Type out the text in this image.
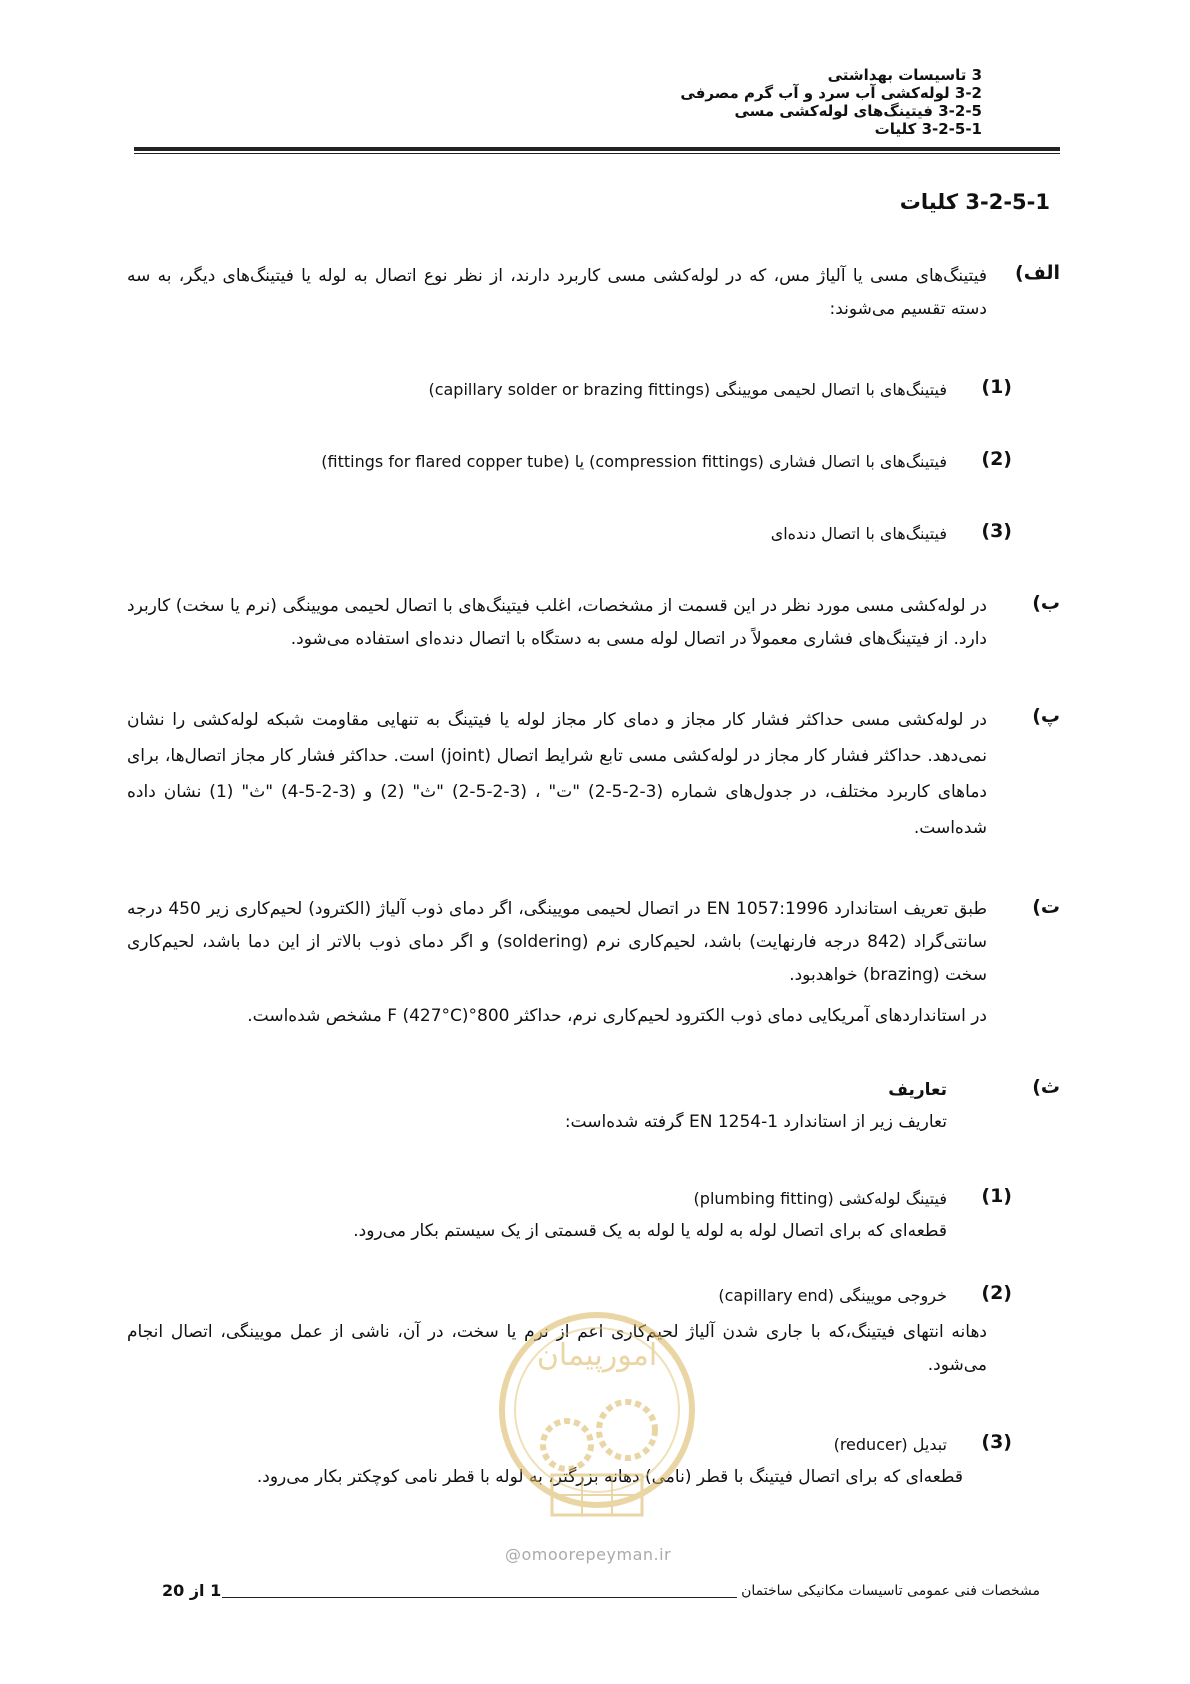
3 تاسیسات بهداشتی
3-2 لوله‌کشی آب سرد و آب گرم مصرفی
3-2-5 فیتینگ‌های لوله‌کشی مسی
3-2-5-1 کلیات
3-2-5-1 کلیات
الف)
فیتینگ‌های مسی یا آلیاژ مس، که در لوله‌کشی مسی کاربرد دارند، از نظر نوع اتصال به لوله یا فیتینگ‌های دیگر، به سه دسته تقسیم می‌شوند:
(1)
فیتینگ‌های با اتصال لحیمی مویینگی (capillary solder or brazing fittings)
(2)
فیتینگ‌های با اتصال فشاری (compression fittings) یا (fittings for flared copper tube)
(3)
فیتینگ‌های با اتصال دنده‌ای
ب)
در لوله‌کشی مسی مورد نظر در این قسمت از مشخصات، اغلب فیتینگ‌های با اتصال لحیمی مویینگی (نرم یا سخت) کاربرد دارد. از فیتینگ‌های فشاری معمولاً در اتصال لوله مسی به دستگاه با اتصال دنده‌ای استفاده می‌شود.
پ)
در لوله‌کشی مسی حداکثر فشار کار مجاز و دمای کار مجاز لوله یا فیتینگ به تنهایی مقاومت شبکه لوله‌کشی را نشان نمی‌دهد. حداکثر فشار کار مجاز در لوله‌کشی مسی تابع شرایط اتصال (joint) است. حداکثر فشار کار مجاز اتصال‌ها، برای دماهای کاربرد مختلف، در جدول‌های شماره (3-2-5-2) "ت" ، (3-2-5-2) "ث" (2) و (3-2-5-4) "ث" (1) نشان داده شده‌است.
ت)
طبق تعریف استاندارد EN 1057:1996 در اتصال لحیمی مویینگی، اگر دمای ذوب آلیاژ (الکترود) لحیم‌کاری زیر 450 درجه سانتی‌گراد (842 درجه فارنهایت) باشد، لحیم‌کاری نرم (soldering) و اگر دمای ذوب بالاتر از این دما باشد، لحیم‌کاری سخت (brazing) خواهدبود.
در استانداردهای آمریکایی دمای ذوب الکترود لحیم‌کاری نرم، حداکثر 800°F (427°C) مشخص شده‌است.
ث)
تعاریف
تعاریف زیر از استاندارد EN 1254-1 گرفته شده‌است:
(1)
فیتینگ لوله‌کشی (plumbing fitting)
قطعه‌ای که برای اتصال لوله به لوله یا لوله به یک قسمتی از یک سیستم بکار می‌رود.
(2)
خروجی مویینگی (capillary end)
دهانه انتهای فیتینگ،که با جاری شدن آلیاژ لحیم‌کاری اعم از نرم یا سخت، در آن، ناشی از عمل مویینگی، اتصال انجام می‌شود.
(3)
تبدیل (reducer)
قطعه‌ای که برای اتصال فیتینگ با قطر (نامی) دهانه بزرگتر، به لوله با قطر نامی کوچکتر بکار می‌رود.
امورپیمان
@omoorepeyman.ir
مشخصات فنی عمومی تاسیسات مکانیکی ساختمان
1 از 20
